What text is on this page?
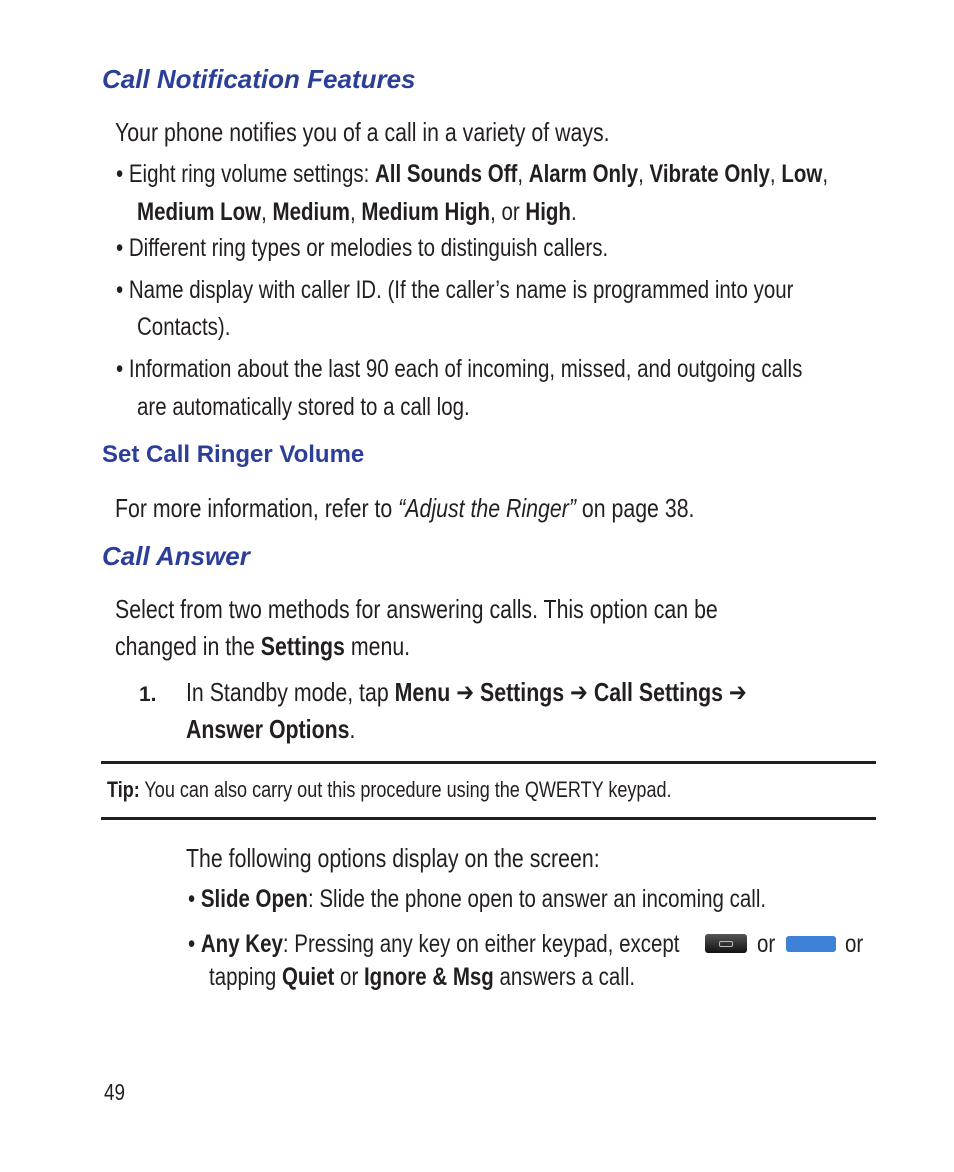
Call Notification Features
Your phone notifies you of a call in a variety of ways.
• Eight ring volume settings: All Sounds Off, Alarm Only, Vibrate Only, Low,
Medium Low, Medium, Medium High, or High.
• Different ring types or melodies to distinguish callers.
• Name display with caller ID. (If the caller’s name is programmed into your
Contacts).
• Information about the last 90 each of incoming, missed, and outgoing calls
are automatically stored to a call log.
Set Call Ringer Volume
For more information, refer to “Adjust the Ringer” on page 38.
Call Answer
Select from two methods for answering calls. This option can be
changed in the Settings menu.
1. In Standby mode, tap Menu ➔ Settings ➔ Call Settings ➔
Answer Options.
Tip: You can also carry out this procedure using the QWERTY keypad.
The following options display on the screen:
• Slide Open: Slide the phone open to answer an incoming call.
• Any Key: Pressing any key on either keypad, except	or	or
tapping Quiet or Ignore & Msg answers a call.
49
